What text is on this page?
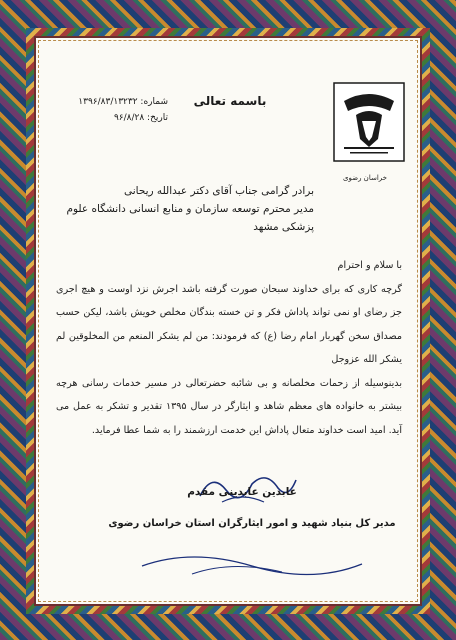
خراسان رضوی
باسمه تعالی
شماره: ۱۳۹۶/۸۳/۱۳۲۳۲
تاریخ: ۹۶/۸/۲۸
برادر گرامی جناب آقای دکتر عبدالله ریحانی
مدیر محترم توسعه سازمان و منابع انسانی دانشگاه علوم پزشکی مشهد

با سلام و احترام

گرچه کاری که برای خداوند سبحان صورت گرفته باشد اجرش نزد اوست و هیچ اجری جز رضای او نمی تواند پاداش فکر و تن خسته بندگان مخلص خویش باشد، لیکن حسب مصداق سخن گهربار امام رضا (ع) که فرمودند: من لم یشکر المنعم من المخلوقین لم یشکر الله عزوجل

بدینوسیله از زحمات مخلصانه و بی شائبه حضرتعالی در مسیر خدمات رسانی هرچه بیشتر به خانواده های معظم شاهد و ایثارگر در سال ۱۳۹۵ تقدیر و تشکر به عمل می آید. امید است خداوند متعال پاداش این خدمت ارزشمند را به شما عطا فرماید.

عابدین عابدینی مقدم
مدیر کل بنیاد شهید و امور ایثارگران استان خراسان رضوی
